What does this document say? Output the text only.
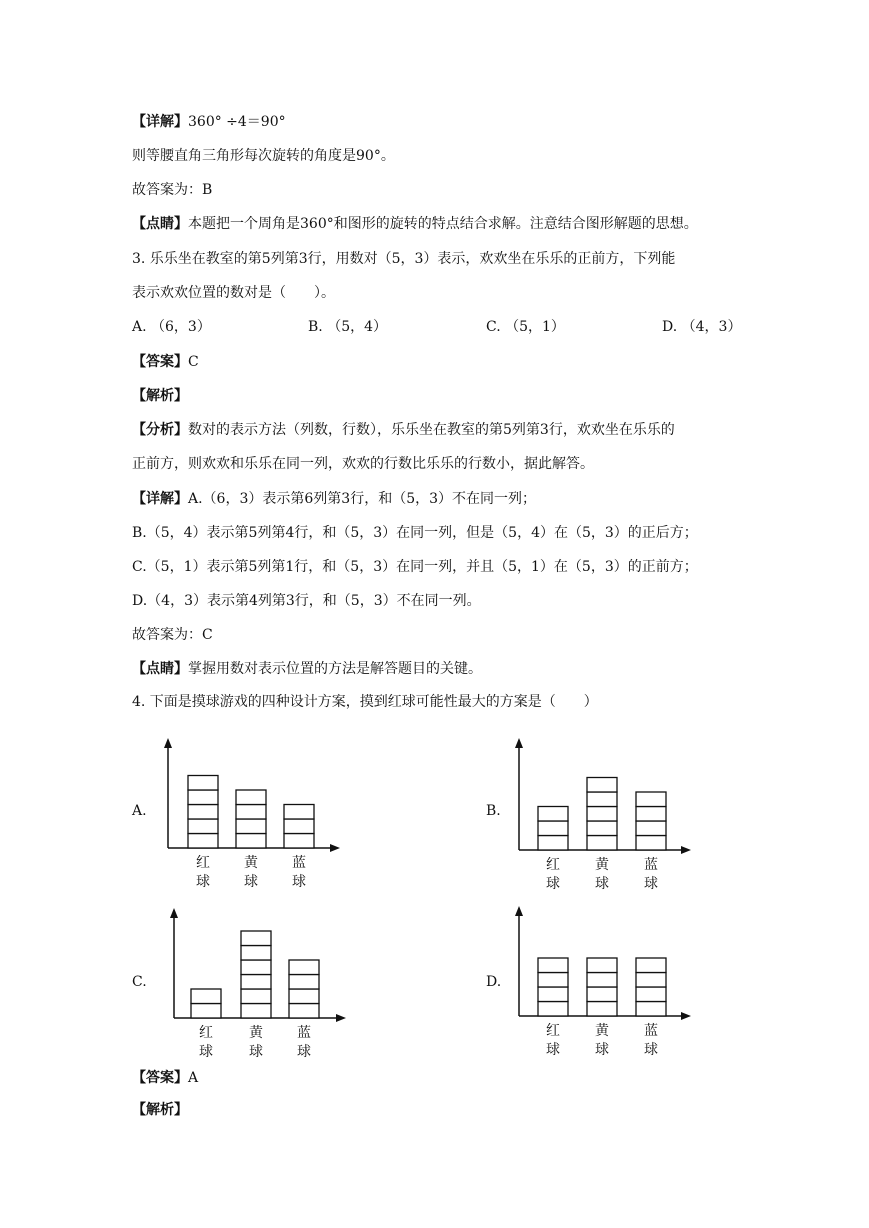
【详解】360° ÷4＝90°
则等腰直角三角形每次旋转的角度是90°。
故答案为：B
【点睛】本题把一个周角是360°和图形的旋转的特点结合求解。注意结合图形解题的思想。
3. 乐乐坐在教室的第5列第3行，用数对（5，3）表示，欢欢坐在乐乐的正前方，下列能
表示欢欢位置的数对是（　　）。
A. （6，3）	B. （5，4）	C. （5，1）	D. （4，3）
【答案】C
【解析】
【分析】数对的表示方法（列数，行数），乐乐坐在教室的第5列第3行，欢欢坐在乐乐的
正前方，则欢欢和乐乐在同一列，欢欢的行数比乐乐的行数小，据此解答。
【详解】A.（6，3）表示第6列第3行，和（5，3）不在同一列；
B.（5，4）表示第5列第4行，和（5，3）在同一列，但是（5，4）在（5，3）的正后方；
C.（5，1）表示第5列第1行，和（5，3）在同一列，并且（5，1）在（5，3）的正前方；
D.（4，3）表示第4列第3行，和（5，3）不在同一列。
故答案为：C
【点睛】掌握用数对表示位置的方法是解答题目的关键。
4. 下面是摸球游戏的四种设计方案，摸到红球可能性最大的方案是（　　）
A.
红
球
黄
球
蓝
球
B.
红
球
黄
球
蓝
球
C.
红
球
黄
球
蓝
球
D.
红
球
黄
球
蓝
球
【答案】A
【解析】
